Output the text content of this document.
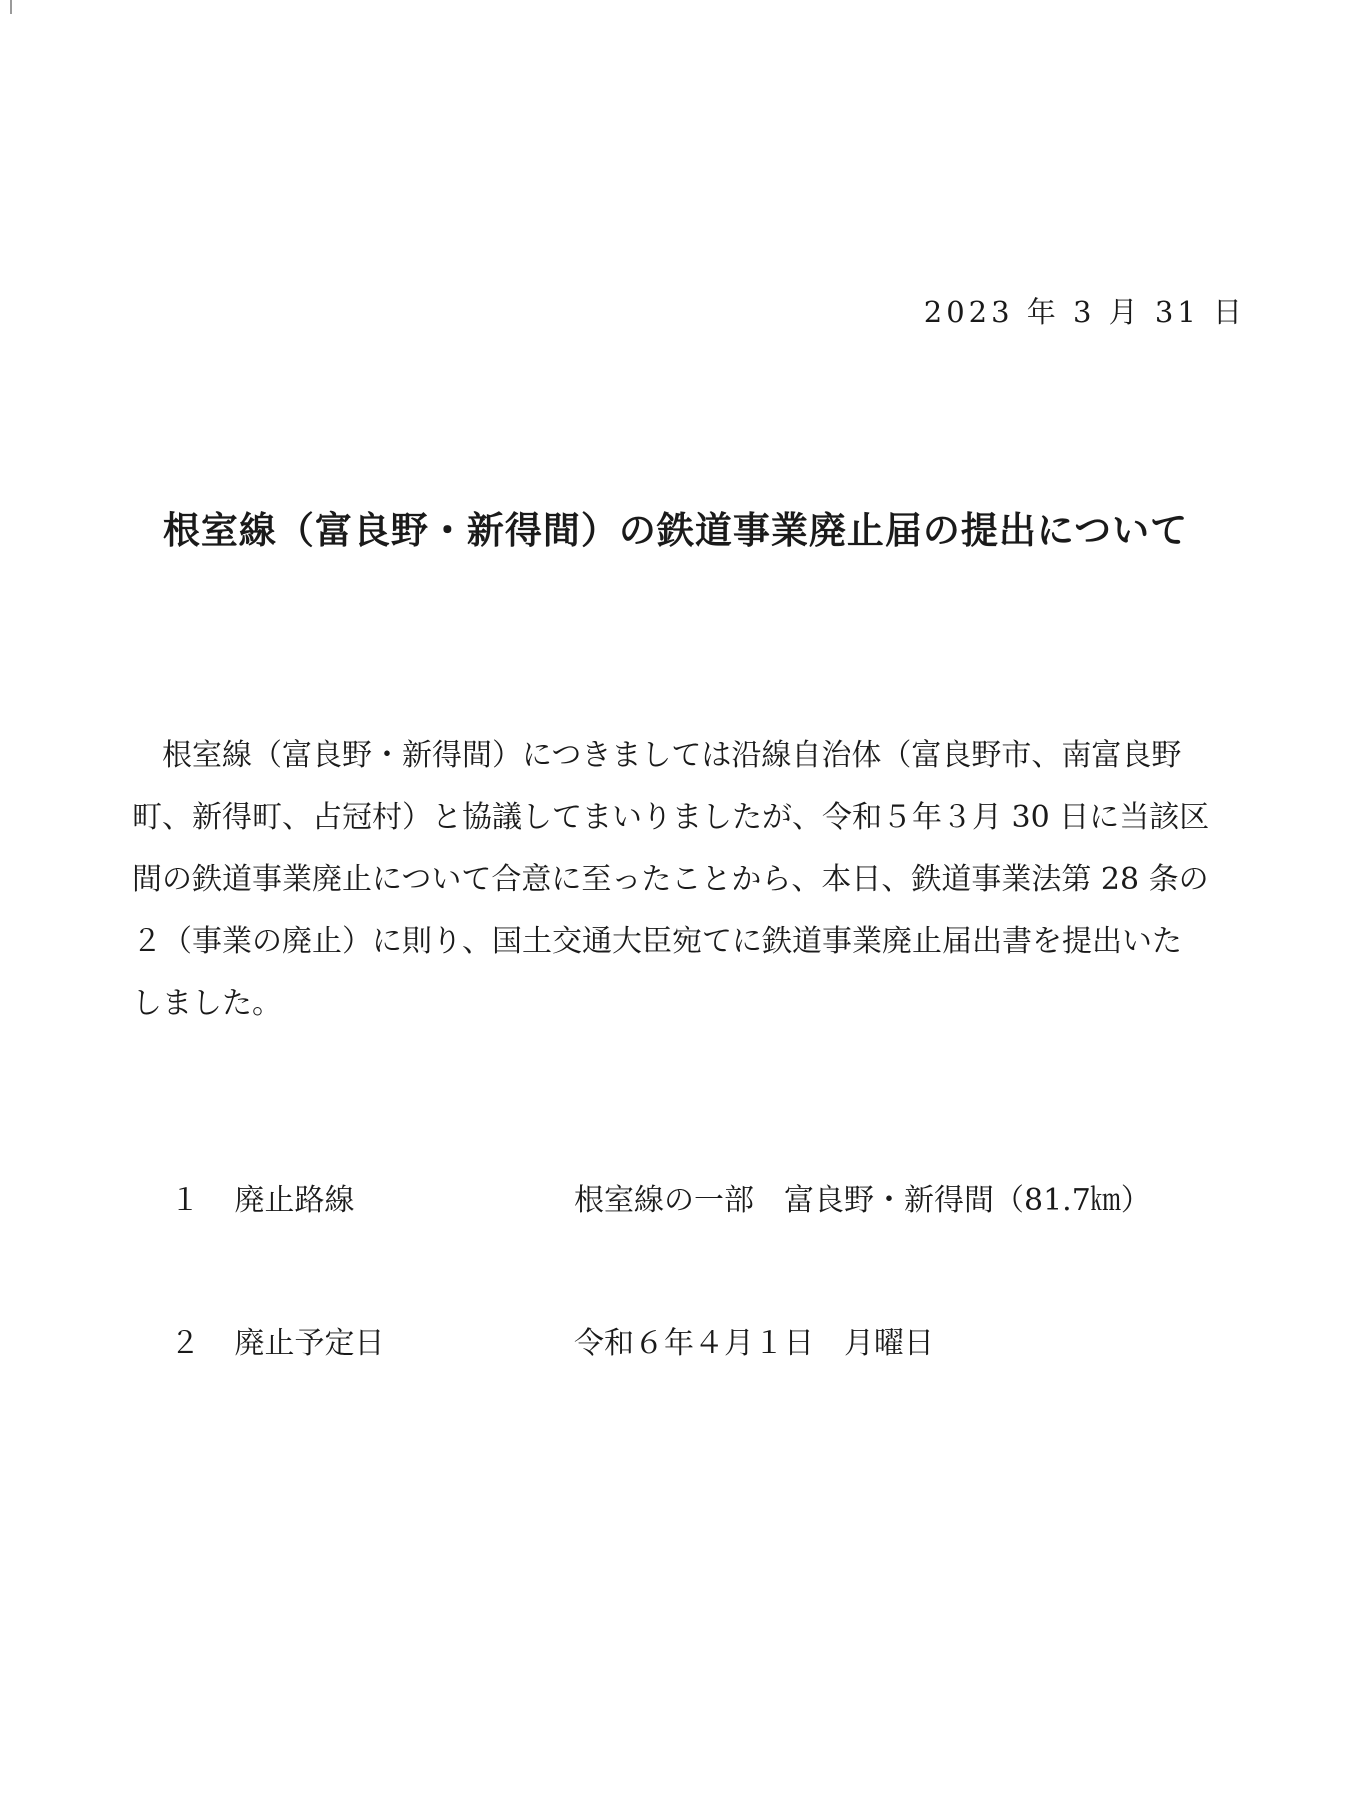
2023 年 3 月 31 日
根室線（富良野・新得間）の鉄道事業廃止届の提出について
　根室線（富良野・新得間）につきましては沿線自治体（富良野市、南富良野
町、新得町、占冠村）と協議してまいりましたが、令和５年３月 30 日に当該区
間の鉄道事業廃止について合意に至ったことから、本日、鉄道事業法第 28 条の
２（事業の廃止）に則り、国土交通大臣宛てに鉄道事業廃止届出書を提出いた
しました。
１ 廃止路線	根室線の一部　富良野・新得間（81.7㎞）
２ 廃止予定日	令和６年４月１日　月曜日
